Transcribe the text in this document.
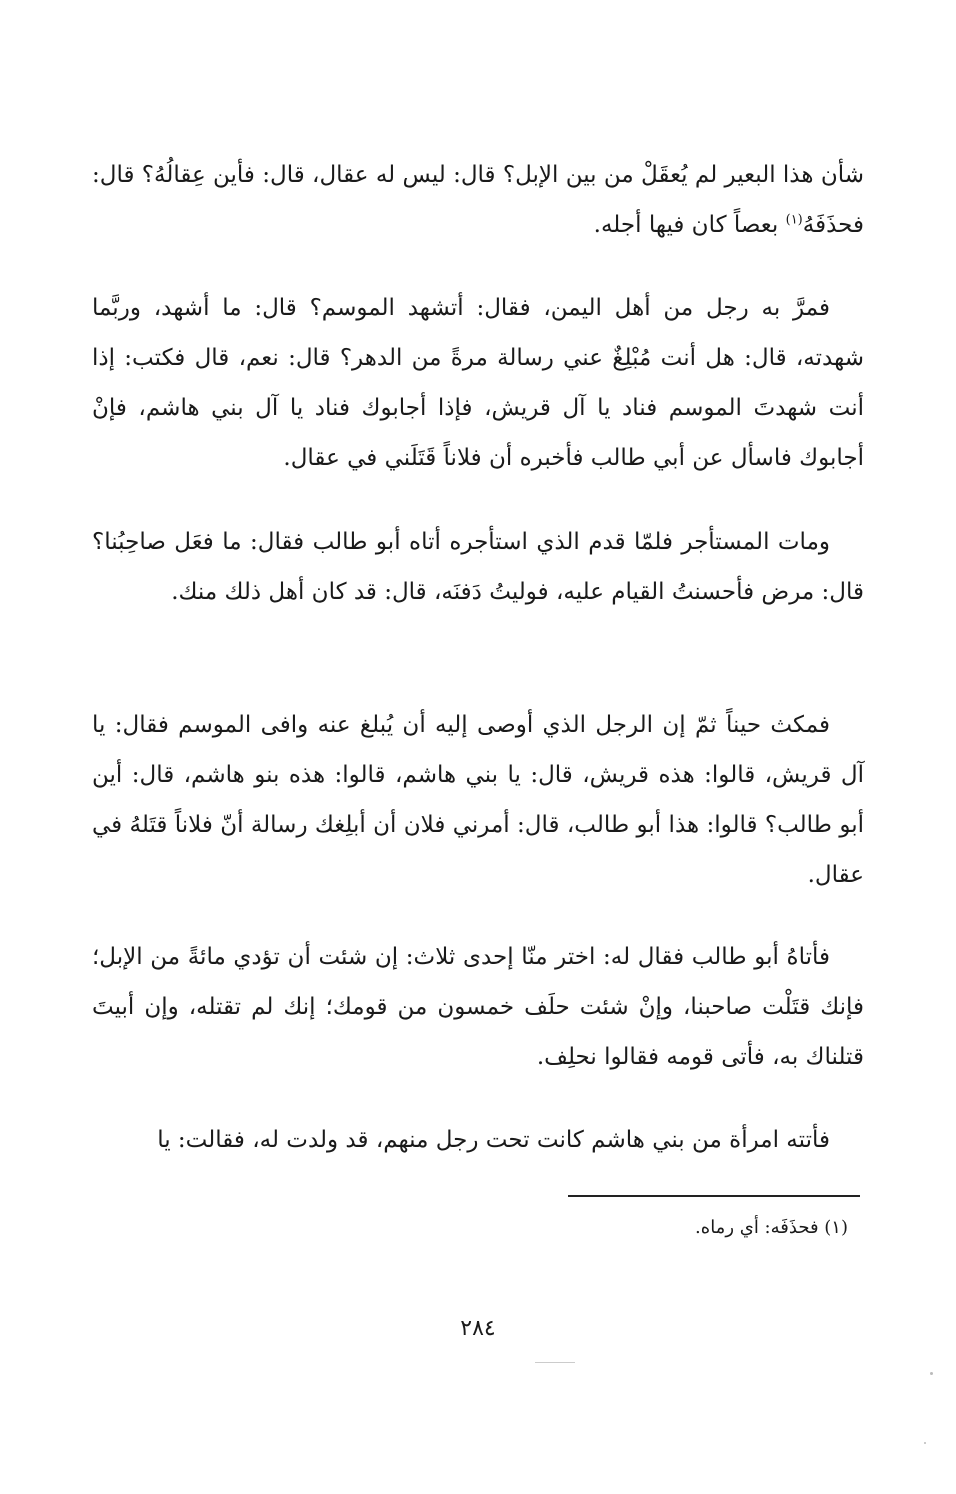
شأن هذا البعير لم يُعقَلْ من بين الإبل؟ قال: ليس له عقال، قال: فأين عِقالُهُ؟ قال: فحذَفَهُ$^{(١)}$ بعصاً كان فيها أجله.
فمرَّ به رجل من أهل اليمن، فقال: أتشهد الموسم؟ قال: ما أشهد، وربَّما شهدته، قال: هل أنت مُبْلِغٌ عني رسالة مرةً من الدهر؟ قال: نعم، قال فكتب: إذا أنت شهدتَ الموسم فناد يا آل قريش، فإذا أجابوك فناد يا آل بني هاشم، فإنْ أجابوك فاسأل عن أبي طالب فأخبره أن فلاناً قَتَلَني في عقال.
ومات المستأجر فلمّا قدم الذي استأجره أتاه أبو طالب فقال: ما فعَل صاحِبُنا؟ قال: مرض فأحسنتُ القيام عليه، فوليتُ دَفنَه، قال: قد كان أهل ذلك منك.
فمكث حيناً ثمّ إن الرجل الذي أوصى إليه أن يُبلغ عنه وافى الموسم فقال: يا آل قريش، قالوا: هذه قريش، قال: يا بني هاشم، قالوا: هذه بنو هاشم، قال: أين أبو طالب؟ قالوا: هذا أبو طالب، قال: أمرني فلان أن أبلِغك رسالة أنّ فلاناً قتَلهُ في عقال.
فأتاهُ أبو طالب فقال له: اختر منّا إحدى ثلاث: إن شئت أن تؤدي مائةً من الإبل؛ فإنك قتَلْت صاحبنا، وإنْ شئت حلَف خمسون من قومك؛ إنك لم تقتله، وإن أبيتَ قتلناك به، فأتى قومه فقالوا نحلِف.
فأتته امرأة من بني هاشم كانت تحت رجل منهم، قد ولدت له، فقالت: يا
(١) فحذَفَه: أي رماه.
٢٨٤
